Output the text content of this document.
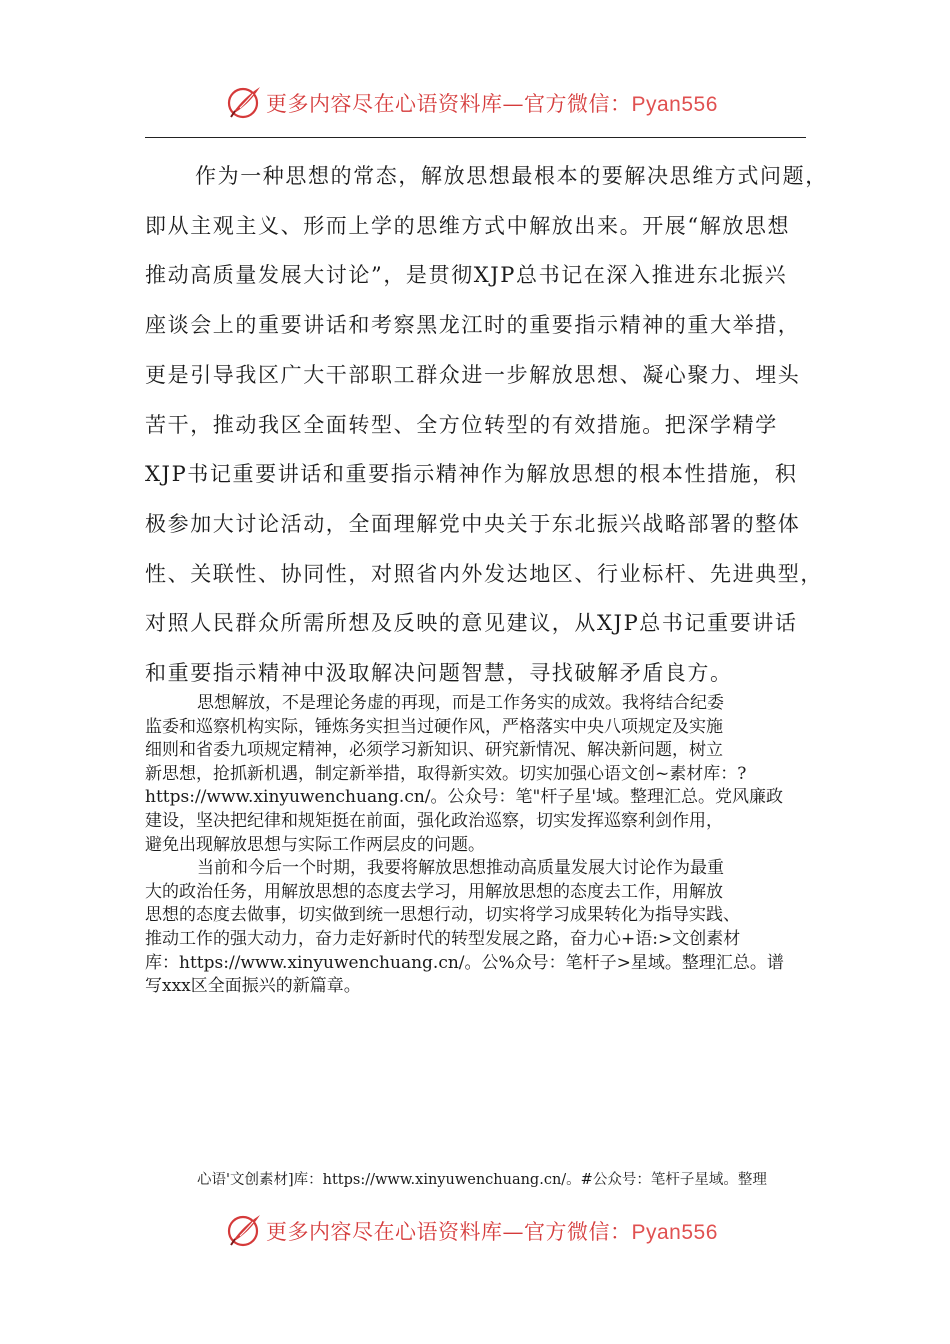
更多内容尽在心语资料库—官方微信：Pyan556
作为一种思想的常态，解放思想最根本的要解决思维方式问题，
即从主观主义、形而上学的思维方式中解放出来。开展“解放思想
推动高质量发展大讨论”，是贯彻XJP总书记在深入推进东北振兴
座谈会上的重要讲话和考察黑龙江时的重要指示精神的重大举措，
更是引导我区广大干部职工群众进一步解放思想、凝心聚力、埋头
苦干，推动我区全面转型、全方位转型的有效措施。把深学精学
XJP书记重要讲话和重要指示精神作为解放思想的根本性措施，积
极参加大讨论活动，全面理解党中央关于东北振兴战略部署的整体
性、关联性、协同性，对照省内外发达地区、行业标杆、先进典型，
对照人民群众所需所想及反映的意见建议，从XJP总书记重要讲话
和重要指示精神中汲取解决问题智慧，寻找破解矛盾良方。
思想解放，不是理论务虚的再现，而是工作务实的成效。我将结合纪委
监委和巡察机构实际，锤炼务实担当过硬作风，严格落实中央八项规定及实施
细则和省委九项规定精神，必须学习新知识、研究新情况、解决新问题，树立
新思想，抢抓新机遇，制定新举措，取得新实效。切实加强心语文创~素材库：?
https://www.xinyuwenchuang.cn/。公众号：笔"杆子星'域。整理汇总。党风廉政
建设，坚决把纪律和规矩挺在前面，强化政治巡察，切实发挥巡察利剑作用，
避免出现解放思想与实际工作两层皮的问题。
当前和今后一个时期，我要将解放思想推动高质量发展大讨论作为最重
大的政治任务，用解放思想的态度去学习，用解放思想的态度去工作，用解放
思想的态度去做事，切实做到统一思想行动，切实将学习成果转化为指导实践、
推动工作的强大动力，奋力走好新时代的转型发展之路，奋力心+语:>文创素材
库：https://www.xinyuwenchuang.cn/。公%众号：笔杆子>星域。整理汇总。谱
写xxx区全面振兴的新篇章。
心语'文创素材]库：https://www.xinyuwenchuang.cn/。#公众号：笔杆子星域。整理
更多内容尽在心语资料库—官方微信：Pyan556
